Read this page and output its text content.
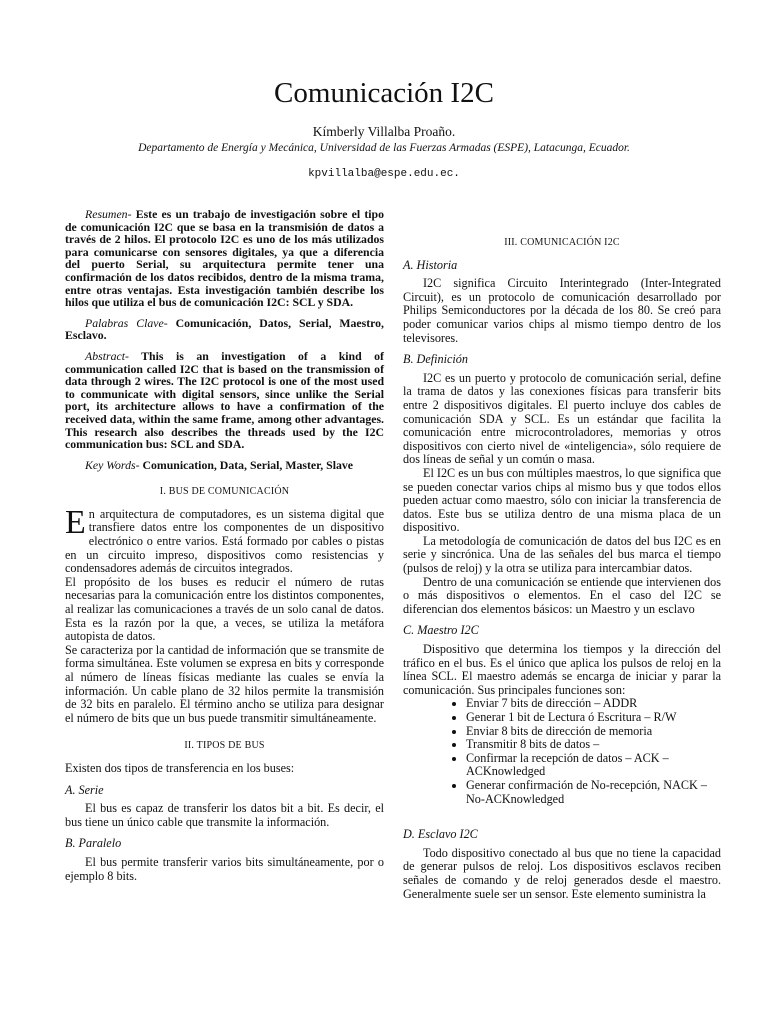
Comunicación I2C
Kímberly Villalba Proaño.
Departamento de Energía y Mecánica, Universidad de las Fuerzas Armadas (ESPE), Latacunga, Ecuador.
kpvillalba@espe.edu.ec.

Resumen- Este es un trabajo de investigación sobre el tipo de comunicación I2C que se basa en la transmisión de datos a través de 2 hilos. El protocolo I2C es uno de los más utilizados para comunicarse con sensores digitales, ya que a diferencia del puerto Serial, su arquitectura permite tener una confirmación de los datos recibidos, dentro de la misma trama, entre otras ventajas. Esta investigación también describe los hilos que utiliza el bus de comunicación I2C: SCL y SDA.

Palabras Clave- Comunicación, Datos, Serial, Maestro, Esclavo.

Abstract- This is an investigation of a kind of communication called I2C that is based on the transmission of data through 2 wires. The I2C protocol is one of the most used to communicate with digital sensors, since unlike the Serial port, its architecture allows to have a confirmation of the received data, within the same frame, among other advantages. This research also describes the threads used by the I2C communication bus: SCL and SDA.

Key Words- Comunication, Data, Serial, Master, Slave

I. BUS DE COMUNICACIÓN

En arquitectura de computadores, es un sistema digital que transfiere datos entre los componentes de un dispositivo electrónico o entre varios. Está formado por cables o pistas en un circuito impreso, dispositivos como resistencias y condensadores además de circuitos integrados.

El propósito de los buses es reducir el número de rutas necesarias para la comunicación entre los distintos componentes, al realizar las comunicaciones a través de un solo canal de datos. Esta es la razón por la que, a veces, se utiliza la metáfora autopista de datos.

Se caracteriza por la cantidad de información que se transmite de forma simultánea. Este volumen se expresa en bits y corresponde al número de líneas físicas mediante las cuales se envía la información. Un cable plano de 32 hilos permite la transmisión de 32 bits en paralelo. El término ancho se utiliza para designar el número de bits que un bus puede transmitir simultáneamente.

II. TIPOS DE BUS

Existen dos tipos de transferencia en los buses:

A. Serie

El bus es capaz de transferir los datos bit a bit. Es decir, el bus tiene un único cable que transmite la información.

B. Paralelo

El bus permite transferir varios bits simultáneamente, por o ejemplo 8 bits.

III. COMUNICACIÓN I2C
A. Historia

I2C significa Circuito Interintegrado (Inter-Integrated Circuit), es un protocolo de comunicación desarrollado por Philips Semiconductores por la década de los 80. Se creó para poder comunicar varios chips al mismo tiempo dentro de los televisores.

B. Definición

I2C es un puerto y protocolo de comunicación serial, define la trama de datos y las conexiones físicas para transferir bits entre 2 dispositivos digitales. El puerto incluye dos cables de comunicación SDA y SCL. Es un estándar que facilita la comunicación entre microcontroladores, memorias y otros dispositivos con cierto nivel de «inteligencia», sólo requiere de dos líneas de señal y un común o masa.

El I2C es un bus con múltiples maestros, lo que significa que se pueden conectar varios chips al mismo bus y que todos ellos pueden actuar como maestro, sólo con iniciar la transferencia de datos. Este bus se utiliza dentro de una misma placa de un dispositivo.

La metodología de comunicación de datos del bus I2C es en serie y sincrónica. Una de las señales del bus marca el tiempo (pulsos de reloj) y la otra se utiliza para intercambiar datos.

Dentro de una comunicación se entiende que intervienen dos o más dispositivos o elementos. En el caso del I2C se diferencian dos elementos básicos: un Maestro y un esclavo

C. Maestro I2C

Dispositivo que determina los tiempos y la dirección del tráfico en el bus. Es el único que aplica los pulsos de reloj en la línea SCL. El maestro además se encarga de iniciar y parar la comunicación. Sus principales funciones son:

• Enviar 7 bits de dirección – ADDR
• Generar 1 bit de Lectura ó Escritura – R/W
• Enviar 8 bits de dirección de memoria
• Transmitir 8 bits de datos –
• Confirmar la recepción de datos – ACK – ACKnowledged
• Generar confirmación de No-recepción, NACK – No-ACKnowledged
D. Esclavo I2C

Todo dispositivo conectado al bus que no tiene la capacidad de generar pulsos de reloj. Los dispositivos esclavos reciben señales de comando y de reloj generados desde el maestro. Generalmente suele ser un sensor. Este elemento suministra la
